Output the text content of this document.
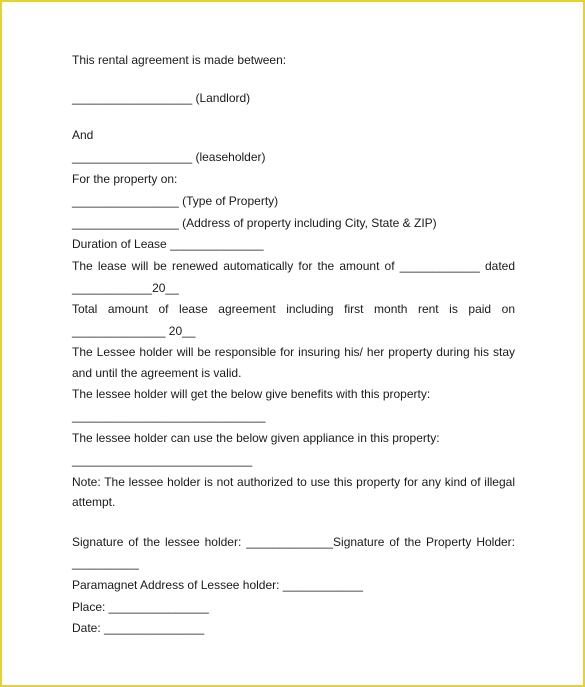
This rental agreement is made between:
__________________ (Landlord)
And
__________________ (leaseholder)
For the property on:
________________ (Type of Property)
________________ (Address of property including City, State & ZIP)
Duration of Lease ______________
The lease will be renewed automatically for the amount of ____________ dated
____________20__
Total amount of lease agreement including first month rent is paid on
______________ 20__
The Lessee holder will be responsible for insuring his/ her property during his stay
and until the agreement is valid.
The lessee holder will get the below give benefits with this property:
_____________________________
The lessee holder can use the below given appliance in this property:
___________________________
Note: The lessee holder is not authorized to use this property for any kind of illegal
attempt.
Signature of the lessee holder: _____________Signature of the Property Holder:
__________
Paramagnet Address of Lessee holder: ____________
Place: _______________
Date: _______________
